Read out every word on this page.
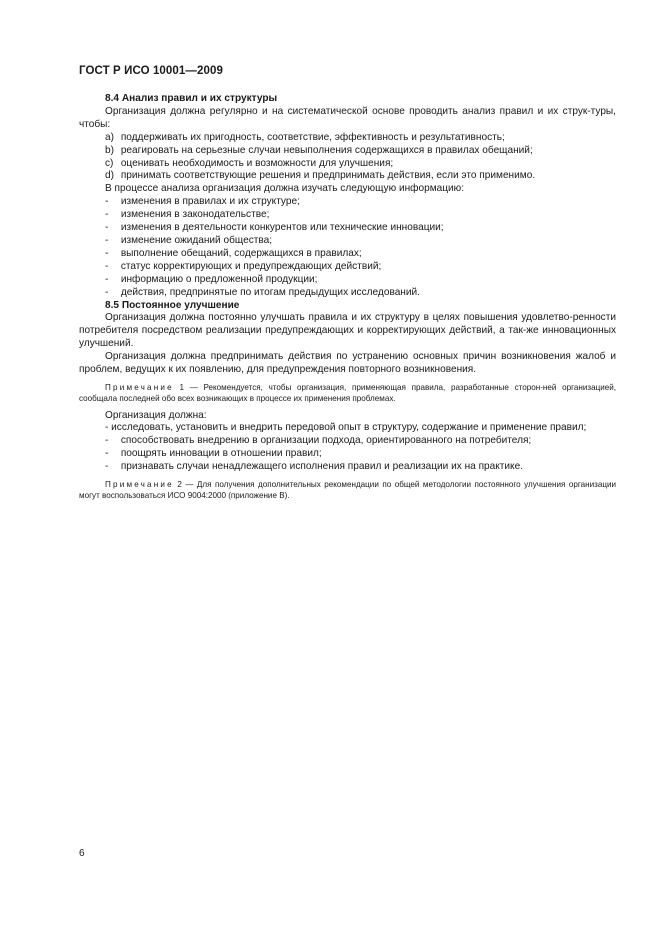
ГОСТ Р ИСО 10001—2009
8.4 Анализ правил и их структуры
Организация должна регулярно и на систематической основе проводить анализ правил и их струк-туры, чтобы:
a) поддерживать их пригодность, соответствие, эффективность и результативность;
b) реагировать на серьезные случаи невыполнения содержащихся в правилах обещаний;
c) оценивать необходимость и возможности для улучшения;
d) принимать соответствующие решения и предпринимать действия, если это применимо.
В процессе анализа организация должна изучать следующую информацию:
- изменения в правилах и их структуре;
- изменения в законодательстве;
- изменения в деятельности конкурентов или технические инновации;
- изменение ожиданий общества;
- выполнение обещаний, содержащихся в правилах;
- статус корректирующих и предупреждающих действий;
- информацию о предложенной продукции;
- действия, предпринятые по итогам предыдущих исследований.
8.5 Постоянное улучшение
Организация должна постоянно улучшать правила и их структуру в целях повышения удовлетво-ренности потребителя посредством реализации предупреждающих и корректирующих действий, а так-же инновационных улучшений.
Организация должна предпринимать действия по устранению основных причин возникновения жалоб и проблем, ведущих к их появлению, для предупреждения повторного возникновения.
Примечание 1 — Рекомендуется, чтобы организация, применяющая правила, разработанные сторон-ней организацией, сообщала последней обо всех возникающих в процессе их применения проблемах.
Организация должна:
- исследовать, установить и внедрить передовой опыт в структуру, содержание и применение правил;
- способствовать внедрению в организации подхода, ориентированного на потребителя;
- поощрять инновации в отношении правил;
- признавать случаи ненадлежащего исполнения правил и реализации их на практике.
Примечание 2 — Для получения дополнительных рекомендации по общей методологии постоянного улучшения организации могут воспользоваться ИСО 9004:2000 (приложение В).
6
